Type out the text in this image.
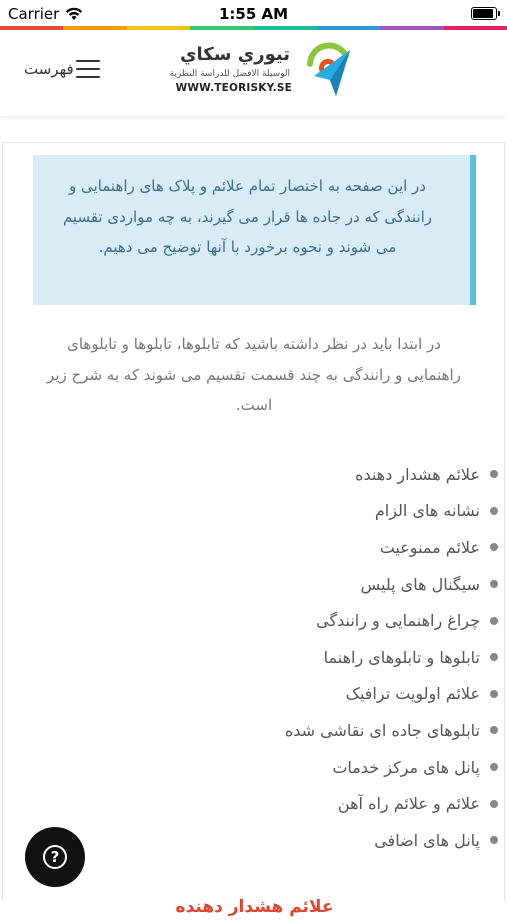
Carrier	1:55 AM
فهرست
تيوري سكاي
الوسيلة الافضل للدراسة النظرية
WWW.TEORISKY.SE

در این صفحه به اختصار تمام علائم و پلاک های راهنمایی و رانندگی که در جاده ها قرار می گیرند، به چه مواردی تقسیم می شوند و نحوه برخورد با آنها توضیح می دهیم.

در ابتدا باید در نظر داشته باشید که تابلوها، تابلوها و تابلوهای راهنمایی و رانندگی به چند قسمت تقسیم می شوند که به شرح زیر است.

علائم هشدار دهنده
نشانه های الزام
علائم ممنوعیت
سیگنال های پلیس
چراغ راهنمایی و رانندگی
تابلوها و تابلوهای راهنما
علائم اولویت ترافیک
تابلوهای جاده ای نقاشی شده
پانل های مرکز خدمات
علائم و علائم راه آهن
پانل های اضافی
علائم هشدار دهنده
?
